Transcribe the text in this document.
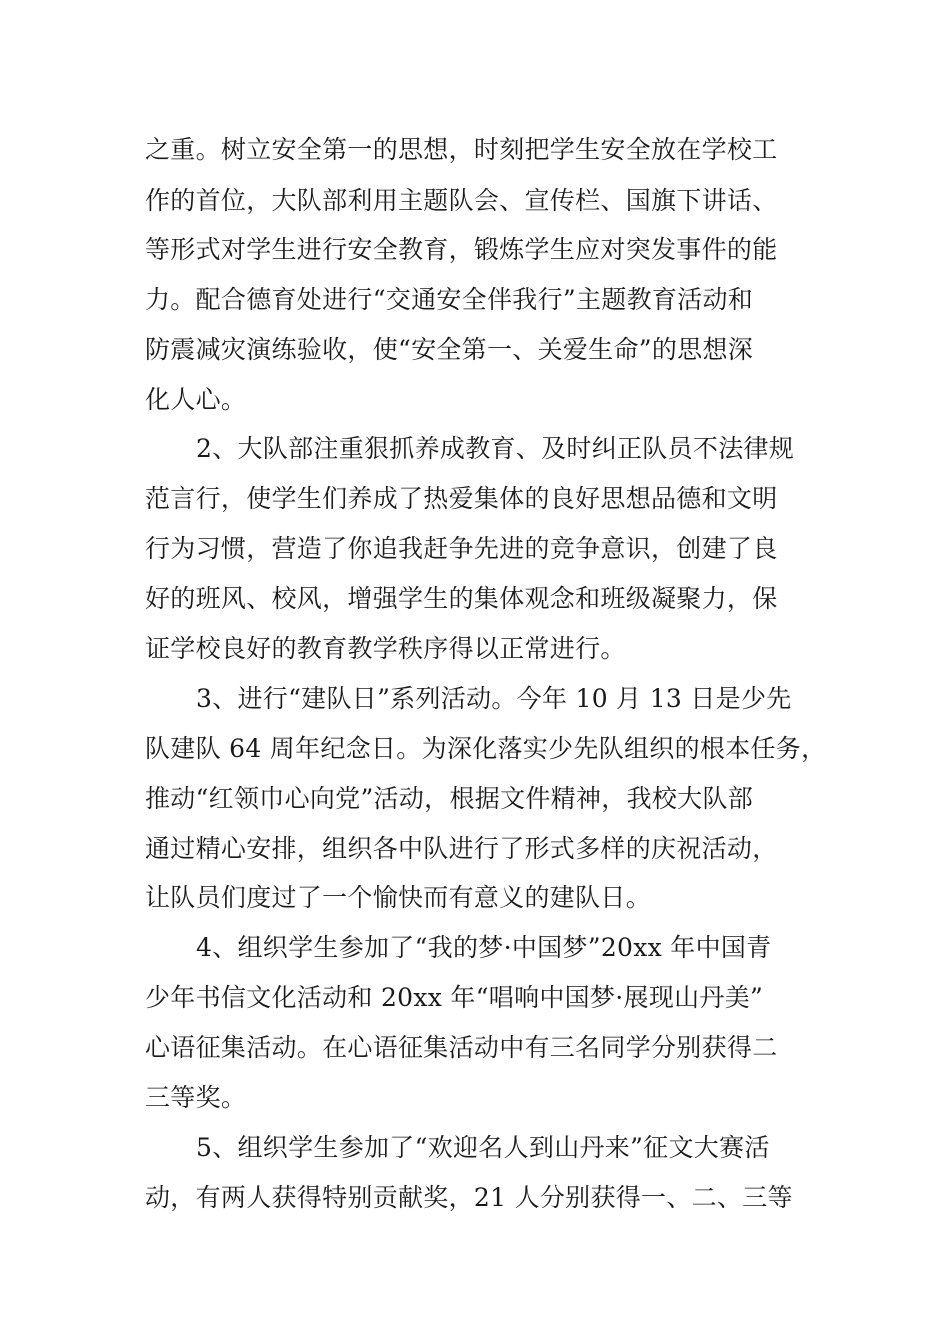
之重。树立安全第一的思想，时刻把学生安全放在学校工
作的首位，大队部利用主题队会、宣传栏、国旗下讲话、
等形式对学生进行安全教育，锻炼学生应对突发事件的能
力。配合德育处进行“交通安全伴我行”主题教育活动和
防震减灾演练验收，使“安全第一、关爱生命”的思想深
化人心。
2、大队部注重狠抓养成教育、及时纠正队员不法律规
范言行，使学生们养成了热爱集体的良好思想品德和文明
行为习惯，营造了你追我赶争先进的竞争意识，创建了良
好的班风、校风，增强学生的集体观念和班级凝聚力，保
证学校良好的教育教学秩序得以正常进行。
3、进行“建队日”系列活动。今年 10 月 13 日是少先
队建队 64 周年纪念日。为深化落实少先队组织的根本任务，
推动“红领巾心向党”活动，根据文件精神，我校大队部
通过精心安排，组织各中队进行了形式多样的庆祝活动，
让队员们度过了一个愉快而有意义的建队日。
4、组织学生参加了“我的梦·中国梦”20xx 年中国青
少年书信文化活动和 20xx 年“唱响中国梦·展现山丹美”
心语征集活动。在心语征集活动中有三名同学分别获得二
三等奖。
5、组织学生参加了“欢迎名人到山丹来”征文大赛活
动，有两人获得特别贡献奖，21 人分别获得一、二、三等
